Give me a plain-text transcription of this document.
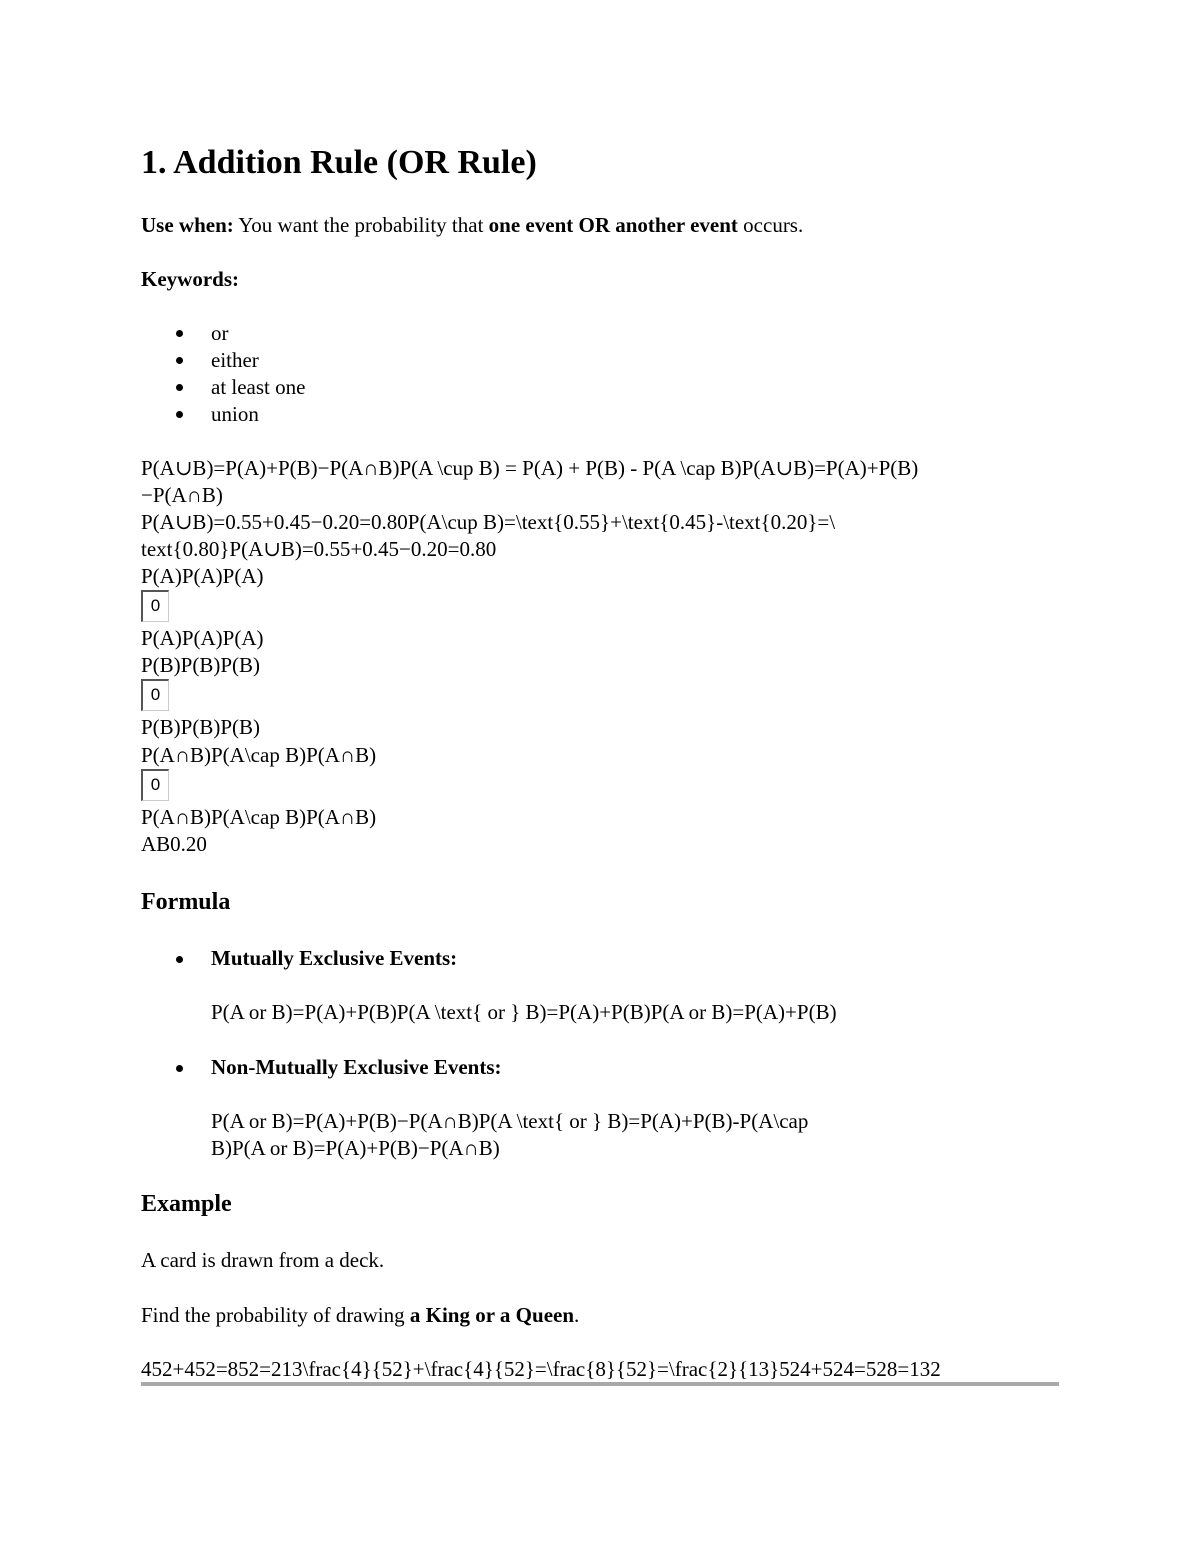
1. Addition Rule (OR Rule)
Use when: You want the probability that one event OR another event occurs.
Keywords:
or
either
at least one
union
P(A∪B)=P(A)+P(B)−P(A∩B)P(A \cup B) = P(A) + P(B) - P(A \cap B)P(A∪B)=P(A)+P(B)
−P(A∩B)
P(A∪B)=0.55+0.45−0.20=0.80P(A\cup B)=\text{0.55}+\text{0.45}-\text{0.20}=\
text{0.80}P(A∪B)=0.55+0.45−0.20=0.80
P(A)P(A)P(A)
0
P(A)P(A)P(A)
P(B)P(B)P(B)
0
P(B)P(B)P(B)
P(A∩B)P(A\cap B)P(A∩B)
0
P(A∩B)P(A\cap B)P(A∩B)
AB0.20
Formula
Mutually Exclusive Events:
P(A or B)=P(A)+P(B)P(A \text{ or } B)=P(A)+P(B)P(A or B)=P(A)+P(B)
Non-Mutually Exclusive Events:
P(A or B)=P(A)+P(B)−P(A∩B)P(A \text{ or } B)=P(A)+P(B)-P(A\cap
B)P(A or B)=P(A)+P(B)−P(A∩B)
Example
A card is drawn from a deck.
Find the probability of drawing a King or a Queen.
452+452=852=213\frac{4}{52}+\frac{4}{52}=\frac{8}{52}=\frac{2}{13}524+524=528=132
